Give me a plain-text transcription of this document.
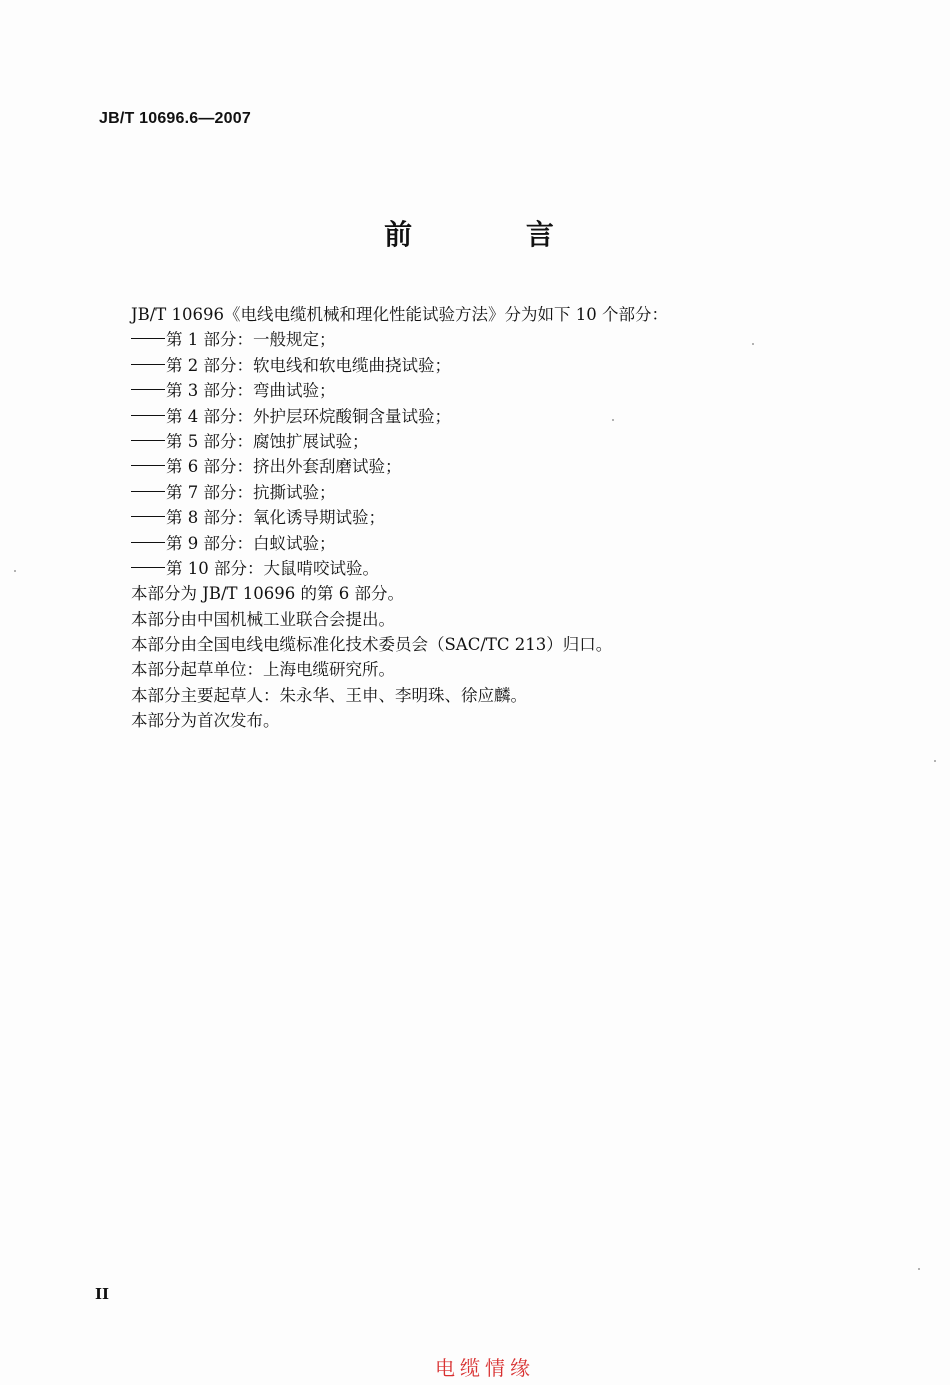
JB/T 10696.6—2007
前 言
JB/T 10696《电线电缆机械和理化性能试验方法》分为如下 10 个部分：
第 1 部分：一般规定；
第 2 部分：软电线和软电缆曲挠试验；
第 3 部分：弯曲试验；
第 4 部分：外护层环烷酸铜含量试验；
第 5 部分：腐蚀扩展试验；
第 6 部分：挤出外套刮磨试验；
第 7 部分：抗撕试验；
第 8 部分：氧化诱导期试验；
第 9 部分：白蚁试验；
第 10 部分：大鼠啃咬试验。
本部分为 JB/T 10696 的第 6 部分。
本部分由中国机械工业联合会提出。
本部分由全国电线电缆标准化技术委员会（SAC/TC 213）归口。
本部分起草单位：上海电缆研究所。
本部分主要起草人：朱永华、王申、李明珠、徐应麟。
本部分为首次发布。
II
电缆情缘
